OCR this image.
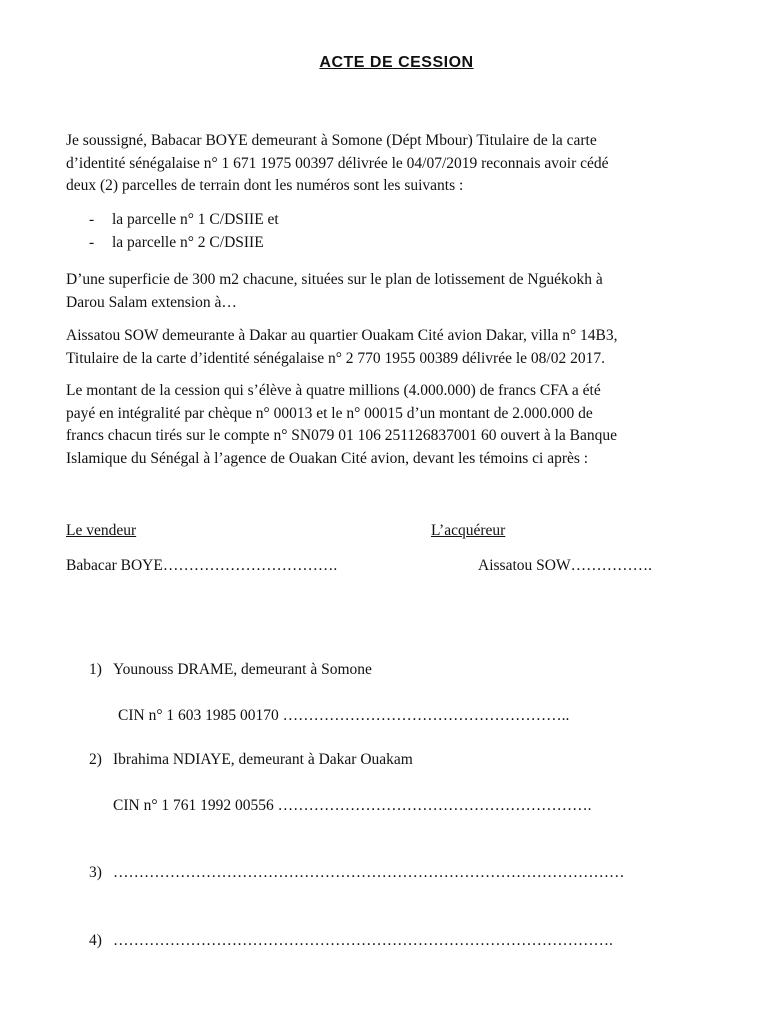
ACTE DE CESSION
Je soussigné, Babacar BOYE demeurant à Somone (Dépt Mbour) Titulaire de la carte
d’identité sénégalaise n° 1 671 1975 00397 délivrée le 04/07/2019 reconnais avoir cédé
deux (2) parcelles de terrain dont les numéros sont les suivants :
- la parcelle n° 1 C/DSIIE et
- la parcelle n° 2 C/DSIIE
D’une superficie de 300 m2 chacune, situées sur le plan de lotissement de Nguékokh à
Darou Salam extension à…
Aissatou SOW demeurante à Dakar au quartier Ouakam Cité avion Dakar, villa n° 14B3,
Titulaire de la carte d’identité sénégalaise n° 2 770 1955 00389 délivrée le 08/02 2017.
Le montant de la cession qui s’élève à quatre millions (4.000.000) de francs CFA a été
payé en intégralité par chèque n° 00013 et le n° 00015 d’un montant de 2.000.000 de
francs chacun tirés sur le compte n° SN079 01 106 251126837001 60 ouvert à la Banque
Islamique du Sénégal à l’agence de Ouakan Cité avion, devant les témoins ci après :
Le vendeur	L’acquéreur
Babacar BOYE…………………………….	Aissatou SOW…………….
1) Younouss DRAME, demeurant à Somone
CIN n° 1 603 1985 00170 ………………………………………………..
2) Ibrahima NDIAYE, demeurant à Dakar Ouakam
CIN n° 1 761 1992 00556 …………………………………………………….
3) ………………………………………………………………………………………
4) …………………………………………………………………………………….
